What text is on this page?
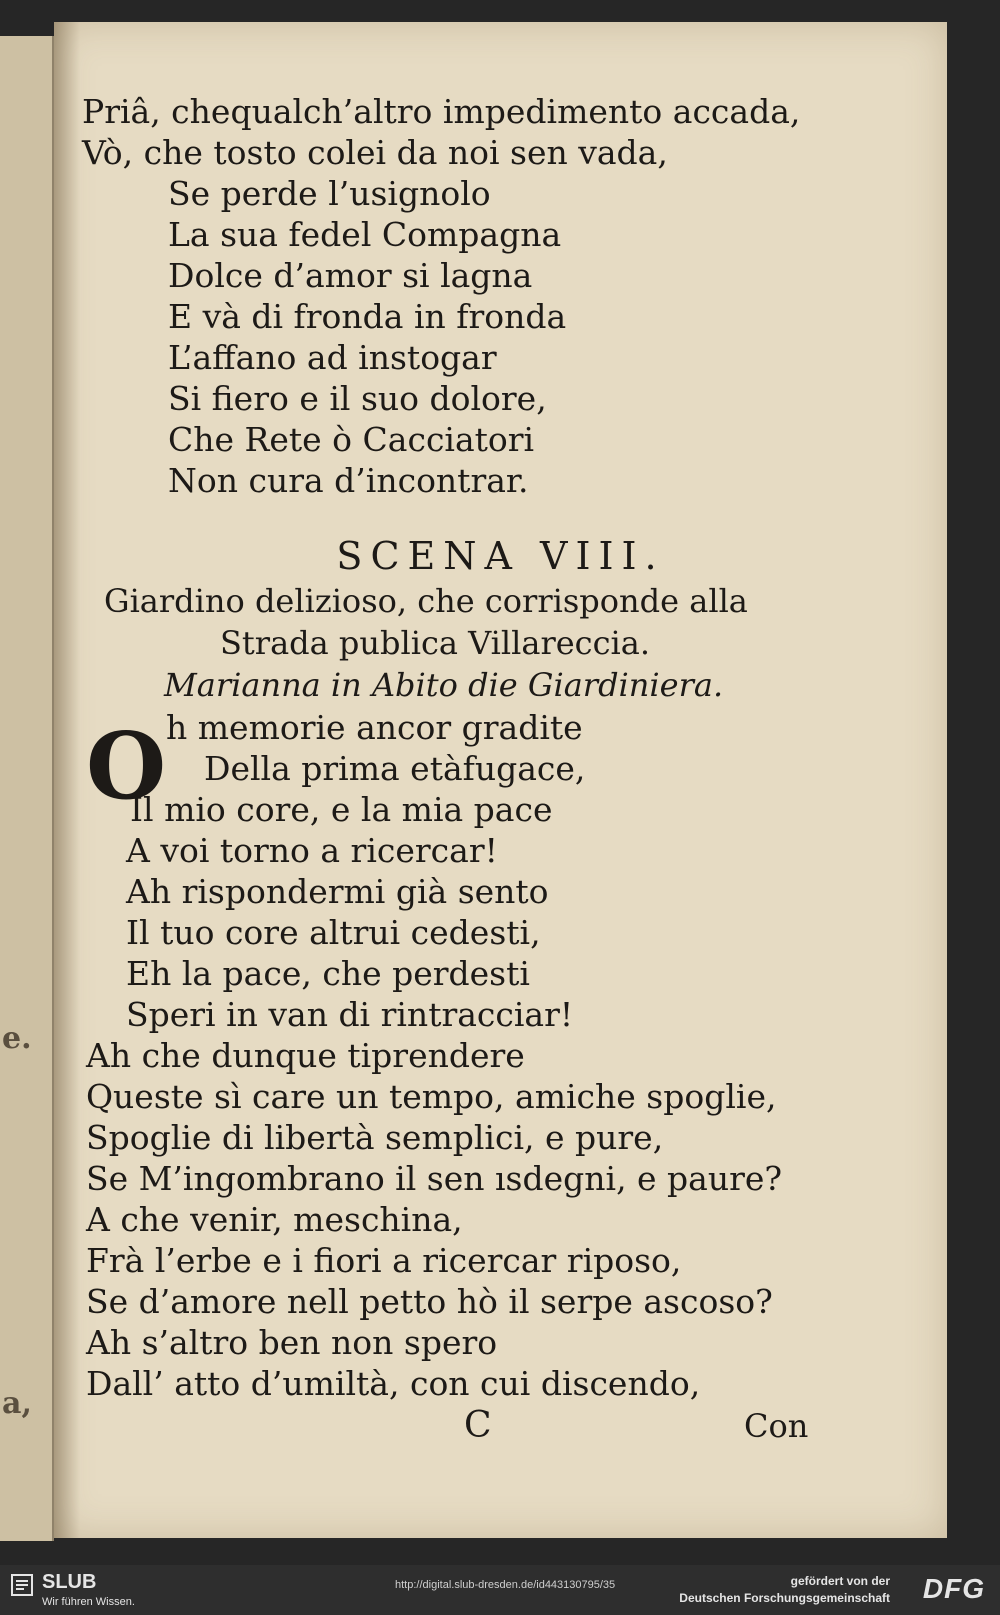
e.
a,
Priâ, chequalch’altro impedimento accada,
Vò, che tosto colei da noi sen vada,
Se perde l’usignolo
La sua fedel Compagna
Dolce d’amor si lagna
E và di fronda in fronda
L’affano ad instogar
Si fiero e il suo dolore,
Che Rete ò Cacciatori
Non cura d’incontrar.
SCENA VIII.
Giardino delizioso, che corrisponde alla
Strada publica Villareccia.
Marianna in Abito die Giardiniera.
O h memorie ancor gradite
Della prima etàfugace,
Il mio core, e la mia pace
A voi torno a ricercar!
Ah rispondermi già sento
Il tuo core altrui cedesti,
Eh la pace, che perdesti
Speri in van di rintracciar!
Ah che dunque tiprendere
Queste sì care un tempo, amiche spoglie,
Spoglie di libertà semplici, e pure,
Se M’ingombrano il sen ısdegni, e paure?
A che venir, meschina,
Frà l’erbe e i fiori a ricercar riposo,
Se d’amore nell petto hò il serpe ascoso?
Ah s’altro ben non spero
Dall’ atto d’umiltà, con cui discendo,
C	Con
SLUB
Wir führen Wissen.
http://digital.slub-dresden.de/id443130795/35	gefördert von der
Deutschen Forschungsgemeinschaft DFG
